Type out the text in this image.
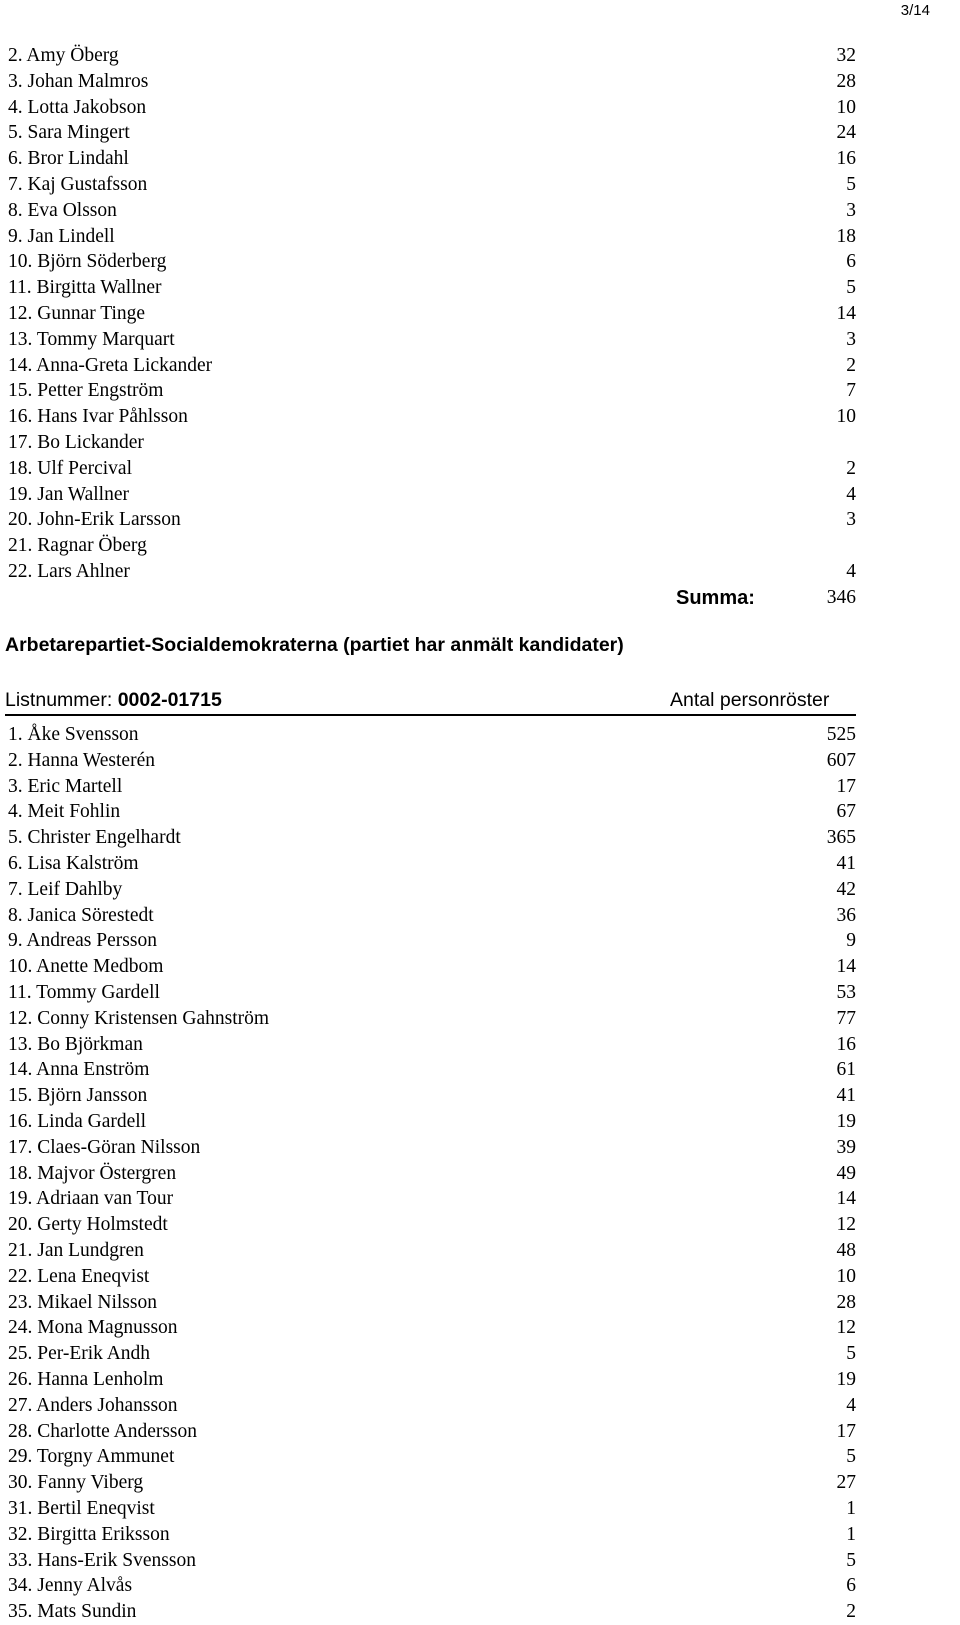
3/14
2. Amy Öberg	32
3. Johan Malmros	28
4. Lotta Jakobson	10
5. Sara Mingert	24
6. Bror Lindahl	16
7. Kaj Gustafsson	5
8. Eva Olsson	3
9. Jan Lindell	18
10. Björn Söderberg	6
11. Birgitta Wallner	5
12. Gunnar Tinge	14
13. Tommy Marquart	3
14. Anna-Greta Lickander	2
15. Petter Engström	7
16. Hans Ivar Påhlsson	10
17. Bo Lickander
18. Ulf Percival	2
19. Jan Wallner	4
20. John-Erik Larsson	3
21. Ragnar Öberg
22. Lars Ahlner	4
Summa:	346
Arbetarepartiet-Socialdemokraterna (partiet har anmält kandidater)
Listnummer: 0002-01715	Antal personröster
1. Åke Svensson	525
2. Hanna Westerén	607
3. Eric Martell	17
4. Meit Fohlin	67
5. Christer Engelhardt	365
6. Lisa Kalström	41
7. Leif Dahlby	42
8. Janica Sörestedt	36
9. Andreas Persson	9
10. Anette Medbom	14
11. Tommy Gardell	53
12. Conny Kristensen Gahnström	77
13. Bo Björkman	16
14. Anna Enström	61
15. Björn Jansson	41
16. Linda Gardell	19
17. Claes-Göran Nilsson	39
18. Majvor Östergren	49
19. Adriaan van Tour	14
20. Gerty Holmstedt	12
21. Jan Lundgren	48
22. Lena Eneqvist	10
23. Mikael Nilsson	28
24. Mona Magnusson	12
25. Per-Erik Andh	5
26. Hanna Lenholm	19
27. Anders Johansson	4
28. Charlotte Andersson	17
29. Torgny Ammunet	5
30. Fanny Viberg	27
31. Bertil Eneqvist	1
32. Birgitta Eriksson	1
33. Hans-Erik Svensson	5
34. Jenny Alvås	6
35. Mats Sundin	2
